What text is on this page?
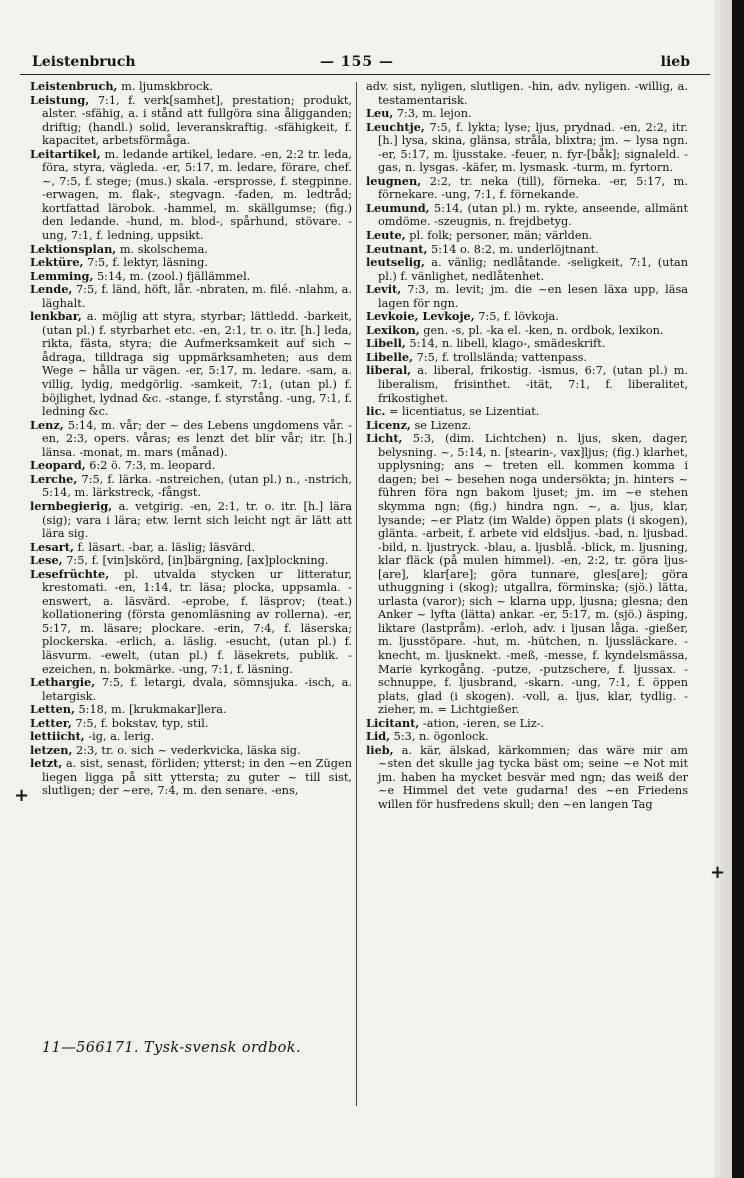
Leistenbruch	— 155 —	lieb

Leistenbruch, m. ljumskbrock.

Leistung, 7:1, f. verk[samhet], prestation; produkt, alster. -sfähig, a. i stånd att fullgöra sina åligganden; driftig; (handl.) solid, leveranskraftig. -sfähigkeit, f. kapacitet, arbetsförmåga.

Leitartikel, m. ledande artikel, ledare. -en, 2:2 tr. leda, föra, styra, vägleda. -er, 5:17, m. ledare, förare, chef. ~, 7:5, f. stege; (mus.) skala. -ersprosse, f. stegpinne. -erwagen, m. flak-, stegvagn. -faden, m. ledtråd; kortfattad lärobok. -hammel, m. skällgumse; (fig.) den ledande. -hund, m. blod-, spårhund, stövare. -ung, 7:1, f. ledning, uppsikt.

Lektionsplan, m. skolschema.

Lektüre, 7:5, f. lektyr, läsning.

Lemming, 5:14, m. (zool.) fjällämmel.

Lende, 7:5, f. länd, höft, lår. -nbraten, m. filé. -nlahm, a. läghalt.

lenkbar, a. möjlig att styra, styrbar; lättledd. -barkeit, (utan pl.) f. styrbarhet etc. -en, 2:1, tr. o. itr. [h.] leda, rikta, fästa, styra; die Aufmerksamkeit auf sich ~ ådraga, tilldraga sig uppmärksamheten; aus dem Wege ~ hålla ur vägen. -er, 5:17, m. ledare. -sam, a. villig, lydig, medgörlig. -samkeit, 7:1, (utan pl.) f. böjlighet, lydnad &c. -stange, f. styrstång. -ung, 7:1, f. ledning &c.

Lenz, 5:14, m. vår; der ~ des Lebens ungdomens vår. -en, 2:3, opers. våras; es lenzt det blir vår; itr. [h.] länsa. -monat, m. mars (månad).

Leopard, 6:2 ö. 7:3, m. leopard.

Lerche, 7:5, f. lärka. -nstreichen, (utan pl.) n., -nstrich, 5:14, m. lärkstreck, -fångst.

lernbegierig, a. vetgirig. -en, 2:1, tr. o. itr. [h.] lära (sig); vara i lära; etw. lernt sich leicht ngt är lätt att lära sig.

Lesart, f. läsart. -bar, a. läslig; läsvärd.

Lese, 7:5, f. [vin]skörd, [in]bärgning, [ax]plockning.

Lesefrüchte, pl. utvalda stycken ur litteratur, krestomati. -en, 1:14, tr. läsa; plocka, uppsamla. -enswert, a. läsvärd. -eprobe, f. läsprov; (teat.) kollationering (första genomläsning av rollerna). -er, 5:17, m. läsare; plockare. -erin, 7:4, f. läserska; plockerska. -erlich, a. läslig. -esucht, (utan pl.) f. läsvurm. -ewelt, (utan pl.) f. läsekrets, publik. -ezeichen, n. bokmärke. -ung, 7:1, f. läsning.

Lethargie, 7:5, f. letargi, dvala, sömnsjuka. -isch, a. letargisk.

Letten, 5:18, m. [krukmakar]lera.

Letter, 7:5, f. bokstav, typ, stil.

lettiicht, -ig, a. lerig.

letzen, 2:3, tr. o. sich ~ vederkvicka, läska sig.

letzt, a. sist, senast, förliden; ytterst; in den ~en Zügen liegen ligga på sitt yttersta; zu guter ~ till sist, slutligen; der ~ere, 7:4, m. den senare. -ens,

adv. sist, nyligen, slutligen. -hin, adv. nyligen. -willig, a. testamentarisk.

Leu, 7:3, m. lejon.

Leuchtje, 7:5, f. lykta; lyse; ljus, prydnad. -en, 2:2, itr. [h.] lysa, skina, glänsa, stråla, blixtra; jm. ~ lysa ngn. -er, 5:17, m. ljusstake. -feuer, n. fyr-[båk]; signaleld. -gas, n. lysgas. -käfer, m. lysmask. -turm, m. fyrtorn.

leugnen, 2:2, tr. neka (till), förneka. -er, 5:17, m. förnekare. -ung, 7:1, f. förnekande.

Leumund, 5:14, (utan pl.) m. rykte, anseende, allmänt omdöme. -szeugnis, n. frejdbetyg.

Leute, pl. folk; personer, män; världen.

Leutnant, 5:14 o. 8:2, m. underlöjtnant.

leutselig, a. vänlig; nedlåtande. -seligkeit, 7:1, (utan pl.) f. vänlighet, nedlåtenhet.

Levit, 7:3, m. levit; jm. die ~en lesen läxa upp, läsa lagen för ngn.

Levkoie, Levkoje, 7:5, f. lövkoja.

Lexikon, gen. -s, pl. -ka el. -ken, n. ordbok, lexikon.

Libell, 5:14, n. libell, klago-, smädeskrift.

Libelle, 7:5, f. trollslända; vattenpass.

liberal, a. liberal, frikostig. -ismus, 6:7, (utan pl.) m. liberalism, frisinthet. -ität, 7:1, f. liberalitet, frikostighet.

lic. = licentiatus, se Lizentiat.

Licenz, se Lizenz.

Licht, 5:3, (dim. Lichtchen) n. ljus, sken, dager, belysning. ~, 5:14, n. [stearin-, vax]ljus; (fig.) klarhet, upplysning; ans ~ treten ell. kommen komma i dagen; bei ~ besehen noga undersökta; jn. hinters ~ führen föra ngn bakom ljuset; jm. im ~e stehen skymma ngn; (fig.) hindra ngn. ~, a. ljus, klar, lysande; ~er Platz (im Walde) öppen plats (i skogen), glänta. -arbeit, f. arbete vid eldsljus. -bad, n. ljusbad. -bild, n. ljustryck. -blau, a. ljusblå. -blick, m. ljusning, klar fläck (på mulen himmel). -en, 2:2, tr. göra ljus-[are], klar[are]; göra tunnare, gles[are]; göra uthuggning i (skog); utgallra, förminska; (sjö.) lätta, urlasta (varor); sich ~ klarna upp, ljusna; glesna; den Anker ~ lyfta (lätta) ankar. -er, 5:17, m. (sjö.) äsping, liktare (lastpråm). -erloh, adv. i ljusan låga. -gießer, m. ljusstöpare. -hut, m. -hütchen, n. ljussläckare. -knecht, m. ljusknekt. -meß, -messe, f. kyndelsmässa, Marie kyrkogång. -putze, -putzschere, f. ljussax. -schnuppe, f. ljusbrand, -skarn. -ung, 7:1, f. öppen plats, glad (i skogen). -voll, a. ljus, klar, tydlig. -zieher, m. = Lichtgießer.

Licitant, -ation, -ieren, se Liz-.

Lid, 5:3, n. ögonlock.

lieb, a. kär, älskad, kärkommen; das wäre mir am ~sten det skulle jag tycka bäst om; seine ~e Not mit jm. haben ha mycket besvär med ngn; das weiß der ~e Himmel det vete gudarna! des ~en Friedens willen för husfredens skull; den ~en langen Tag

+
+
11—566171. Tysk-svensk ordbok.
